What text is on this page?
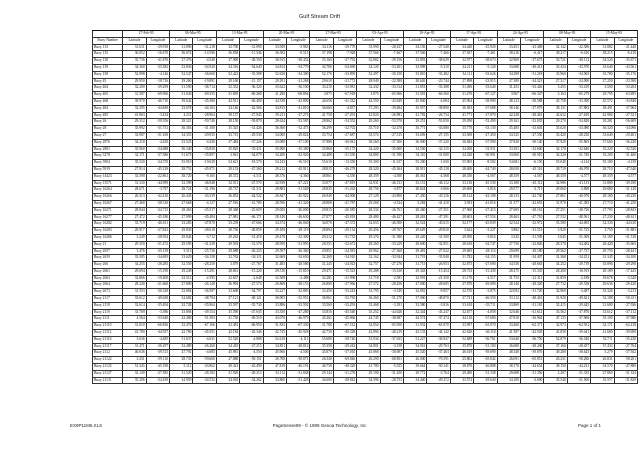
Gulf Stream Drift
	27-Feb-95		06-Mar-95		13-Mar-95		20-Mar-95		27-Mar-95		03-Apr-95		10-Apr-95		17-Apr-95		24-Apr-95		08-May-95		15-May-95	
Buoy Number	Latitude	Longitude	Latitude	Longitude	Latitude	Longitude	Latitude	Longitude	Latitude	Longitude	Latitude	Longitude	Latitude	Longitude	Latitude	Longitude	Latitude	Longitude	Latitude	Longitude	Latitude	Longitude
Buoy 133	31.631	-29.918	31.890	-31.218	32.790	-31.890	33.949	-3.965	34.116	-29.770	33.990	-28.437	34.156	-27.540	34.440	-25.920	33.451	-23.468	32.142	-22.386	31.882	-21.440
Buoy 135	36.852	-16.670	36.674	-14.596	36.838	-11.546	36.582	-9.515	37.198	-7.928	37.566	-7.467	37.566	-7.466	37.567	-7.461	38.216	-6.417	38.217	-6.416	38.215	-6.410
Buoy 138	35.736	-41.870	37.376	-4.540	37.900	-38.350	36.915	-38.432	35.160	-37.792	32.882	-39.156	32.893	-38.629	32.977	-38.673	32.969	-37.673	33.721	-38.112	34.520	-35.671
Buoy 139	34.360	-35.582	33.836	-54.920	34.316	-54.640	34.814	-54.779	34.786	-54.690	34.120	-53.201	33.998	-5.310	34.211	-5.120	33.688	-49.413	33.434	-43.970	33.640	-43.561
Buoy 158	52.998	-4.146	52.547	-36.660	52.422	-35.588	52.620	-34.380	52.176	-33.895	52.497	-30.150	33.810	-33.482	34.111	-33.626	34.299	-31.218	33.960	-34.965	33.780	-35.176
Buoy 45	29.950	-18.716	29.260	-19.891	29.160	-21.157	29.291	-21.268	29.610	-21.772	28.949	-22.580	28.626	-23.744	27.898	-23.915	27.389	-24.321	27.317	-24.090	27.250	-23.590
Buoy 464	32.200	-39.299	31.590	-36.714	32.352	-36.320	33.622	-36.100	33.210	-33.981	32.432	-33.514	31.853	-33.388	31.496	-33.640	31.453	-33.426	3.455	-33.419	3.500	-33.204
Buoy 465	31.587	-69.960	31.040	-69.355	31.695	-69.280	31.280	-68.894	3.875	-67.918	3.875	-65.966	31.581	-66.560	31.470	-67.127	3.967	-66.347	3.163	-65.279	29.795	-63.895
Buoy 468	39.970	-46.710	39.642	-45.386	42.911	-46.400	44.538	-43.890	44.656	-41.342	44.350	-43.849	45.840	-4.684	45.964	-38.990	48.123	-38.588	45.758	-33.390	45.572	-33.840
Buoy 484	32.395	-44.849	33.678	-44.163	34.146	-42.566	34.815	-41.810	36.660	-4.857	37.293	-39.484	35.957	-38.890	36.583	-37.688	38.146	-37.979	38.131	-37.883	38.491	-37.964
Buoy 485	41.863	-3.434	4.211	-28.964	39.157	-27.945	39.211	-27.274	41.750	-27.291	41.824	-26.981	41.782	-26.734	41.771	-27.870	42.228	-28.461	42.632	-27.629	42.984	-27.521
Buoy 26	29.312	-59.356	28.321	-59.740	28.150	-59.870	28.624	-53.585	28.862	-54.552	29.260	-53.570	29.251	-53.050	29.050	-52.490	29.161	-52.035	29.270	-54.820	29.281	-56.609
Buoy 28	35.992	-31.731	36.363	-31.100	35.325	-31.426	36.560	-32.475	36.299	-32.702	35.710	-32.478	35.771	-33.080	35.770	-33.130	35.485	-33.603	35.620	-33.080	36.320	-34.096
Buoy 27	33.987	-31.169	34.353	-29.935	33.715	-29.530	34.000	-29.824	33.754	-27.687	33.574	-27.315	33.659	-27.155	33.569	-27.450	34.125	-27.550	33.420	-28.230	33.640	-29.401
Buoy 2876	34.218	-4.430	33.525	-4.436	37.484	-37.226	33.080	-37.100	37.888	-36.941	38.260	-37.300	36.900	-37.220	36.843	-37.990	37.820	-38.140	37.920	-35.865	37.600	-36.220
Buoy 2881	35.960	-34.688	36.340	-35.850	35.825	-35.411	35.900	-35.380	35.860	-35.175	34.420	-35.000	34.550	-32.115	34.200	-31.911	33.811	-32.600	34.170	-32.640	35.220	-32.520
Buoy 3278	32.171	-37.586	51.675	-35.897	3.961	-34.079	34.200	-32.920	34.488	-31.550	34.800	-31.590	34.110	-31.000	34.320	-30.991	33.060	-30.910	34.320	-31.740	35.200	-31.460
Buoy 5904	35.520	-24.570	35.910	-19.630	54.621	-18.570	54.143	-16.510	55.610	-13.350	55.300	-11.017	55.200	-1.650	55.905	-8.502	54.681	-6.150	55.040	-4.144	55.180	-4.150
Buoy 5919	27.914	-45.129	28.751	-45.971	29.153	-47.360	29.212	-45.911	28.815	-46.279	28.320	-45.364	28.915	-45.118	28.400	-44.740	28.650	-45.116	28.719	-46.970	28.710	-47.340
Buoy 14423	33.590	-22.861	38.720	-9.165	48.372	-4.511	48.376	-4.360	48.861	-4.550	48.359	-4.500	48.361	-4.568	48.350	-4.567	48.359	-4.567	48.359	-4.577	48.359	-4.577
Buoy 15571	31.330	-44.999	32.399	-46.948	32.911	-47.570	32.939	-47.221	33.077	-47.819	32.931	-46.131	33.151	-46.112	33.130	-45.530	33.180	-45.112	32.986	-41.113	31.880	-39.180
Buoy 16264	28.671	-3.797	28.724	-31.196	28.737	-31.511	29.883	-31.549	28.835	-31.263	28.756	-3.877	28.824	-3.066	29.600	-3.816	29.577	-3.711	29.060	-3.898	29.880	-31.120
Buoy 16266	26.313	-42.410	26.445	-43.339	26.852	-44.522	26.847	-45.922	26.940	-44.900	27.129	-43.800	27.450	-43.116	28.124	-43.108	28.133	-42.740	27.861	-40.070	28.180	-40.230
Buoy 16267	27.460	-38.310	27.668	-4.127	27.916	-41.780	28.596	-41.320	28.868	-41.787	29.268	-4.524	3.284	-41.410	3.933	-41.816	31.377	-42.655	31.970	-41.385	27.710	-41.250
Buoy 16271	28.844	-24.715	28.463	-25.517	28.368	-25.659	29.050	-26.000	29.815	-26.585	28.334	-26.761	28.260	-27.351	27.960	-27.413	27.695	-28.161	27.251	-28.726	27.793	-28.843
Buoy 16277	27.472	-45.180	27.999	-45.484	27.981	-46.171	28.140	-46.630	27.077	-45.819	28.480	-46.427	28.263	-47.391	28.603	-47.554	28.463	-47.710	27.532	-48.561	27.230	-48.611
Buoy 16282	33.719	-46.611	33.283	-47.870	33.259	-47.666	34.374	-46.040	34.070	-47.372	32.653	-46.500	32.524	-45.615	32.177	-45.839	32.544	-32.972	33.580	-44.695	32.330	-44.610
Buoy 16283	28.917	-27.823	29.830	-28.610	28.756	-28.859	29.100	-29.119	28.894	-29.134	29.456	-29.767	29.629	-29.810	3.622	-3.227	3.882	-31.551	3.920	-31.725	3.750	-31.883
Buoy 16286	3.249	-28.934	29.844	-3.712	29.263	-31.419	29.478	-32.300	29.212	-31.735	29.370	-31.580	29.220	-31.500	29.950	-3.814	3.345	-31.599	3.645	-31.369	31.169	-31.518
Buoy 21	29.350	-31.472	29.595	-31.329	29.593	-31.570	28.950	-31.995	28.551	-32.672	28.260	-33.229	29.600	-32.951	28.610	-32.747	27.750	-32.826	28.370	-34.482	28.420	-35.665
Buoy 2657	3.476	-25.139	3.513	-25.726	29.688	-26.223	29.597	-26.360	29.851	-24.581	29.962	-27.360	29.481	-27.022	29.685	-28.114	29.699	-28.180	29.562	-27.737	29.755	-28.441
Buoy 2659	33.585	-34.695	33.629	-34.158	32.763	-34.111	32.669	-34.650	32.269	-34.910	32.162	-33.944	31.719	-33.940	31.782	-34.155	31.959	-34.497	31.568	-34.251	31.345	-34.100
Buoy 266	34.255	-28.285	32.550	-28.250	3.879	-27.767	31.483	-28.580	31.245	-24.923	32.757	-27.276	31.715	-26.953	32.875	-27.690	34.530	-28.663	34.252	-29.739	35.896	-29.290
Buoy 2661	29.694	-15.190	29.249	-15.291	28.861	-15.220	29.510	-15.810	29.471	-15.523	29.288	-15.610	29.343	-15.454	28.733	-15.430	28.275	-15.335	28.200	-16.915	28.189	-17.443
Buoy 2663	32.866	-19.400	32.512	-2.595	32.657	-2.648	32.508	-2.488	32.281	-21.990	31.718	-2.581	32.591	-21.350	31.170	-2.517	31.753	-21.311	31.859	-2.188	18.678	-3.340
Buoy 2664	28.240	-21.660	27.800	-26.140	26.994	-27.574	26.868	-28.153	26.800	-27.966	27.372	-28.456	27.000	-28.605	27.870	-29.080	28.140	-29.320	27.732	-29.538	29.636	-29.420
Buoy 2673	31.553	-36.328	32.894	-36.587	33.668	-34.797	33.227	-32.883	33.450	-33.243	33.795	-3.339	32.081	-9.857	32.570	-3.875	32.092	-31.720	32.960	-3.487	33.326	-3.213
Buoy 2117	33.612	-49.638	34.682	-48.794	37.121	-48.121	36.905	-52.951	36.961	-52.765	36.260	-51.270	37.060	-48.870	37.721	-46.550	33.112	-48.461	31.920	-49.621	32.188	-50.411
Buoy 2118	32.614	-35.494	32.728	-35.964	33.597	-35.730	33.886	-33.592	33.560	-33.293	33.468	-3.181	33.580	-3.816	33.610	-33.711	33.869	-31.165	32.415	-29.445	31.680	-27.936
Buoy 2119	33.769	-3.586	33.894	-49.154	35.590	-47.635	33.350	-47.280	33.816	-45.540	33.252	-44.626	32.344	-43.247	32.677	-4.858	32.646	-41.612	33.562	-37.876	33.612	-37.112
Buoy 2111	4.564	-53.640	42.480	-51.583	41.730	-49.510	43.070	-46.979	45.261	-45.866	44.745	-38.697	44.574	-37.474	44.110	-37.680	47.810	-36.964	47.135	-37.960	55.100	-37.986
Buoy 21110	31.610	-66.836	32.476	-67.166	32.481	-66.950	31.833	-67.330	31.788	-67.312	32.054	-65.950	31.932	-63.970	33.997	-63.970	33.460	-62.371	32.973	-62.931	32.171	-62.418
Buoy 21112	41.780	-44.937	42.780	-45.551	42.184	-43.346	42.745	-45.928	42.730	-40.328	42.894	-40.219	43.133	-44.142	42.620	-46.110	41.587	-42.503	41.830	-39.441	41.680	-39.690
Buoy 21116	3.636	-4.485	51.637	-4.631	52.520	-4.888	52.610	-4.111	55.680	-38.740	51.934	-37.633	51.227	-36.947	52.689	-36.761	53.640	-36.750	52.879	-36.340	52.711	-35.430
Buoy 21117	31.471	-26.297	32.489	-26.260	34.410	-27.215	34.851	-28.812	35.358	-29.443	34.801	-3.158	34.941	-29.763	35.870	-31.100	36.680	-28.430	37.160	-28.457	37.433	-27.764
Buoy 2112	46.636	-39.513	47.792	-4.685	45.981	-4.550	45.960	-4.500	45.879	-37.010	45.868	-38.697	45.520	-37.463	46.619	-39.690	48.340	-39.876	49.280	-38.625	5.279	-37.942
Buoy 21122	3.251	-59.110	28.735	-59.660	27.880	-59.151	26.788	-58.871	26.540	-69.846	26.290	-68.851	26.000	-70.591	25.802	-65.842	26.091	-65.851	26.231	-58.286	26.831	-58.201
Buoy 21125	51.345	-45.190	5.112	-43.862	49.423	-43.490	47.818	-46.191	46.758	-48.320	41.780	-5.555	39.664	-50.141	38.870	-46.888	38.170	-44.654	38.150	-44.231	34.570	-47.880
Buoy 21127	32.149	-27.585	31.520	-28.182	31.920	-28.213	33.112	-31.848	29.144	-31.276	29.190	-31.450	29.772	-3.764	29.480	-31.338	29.688	-31.356	2.207	-31.335	27.860	-31.334
Buoy 21131	35.206	-34.439	34.959	-34.532	34.565	-34.262	34.860	-31.428	34.600	-28.842	34.596	-28.753	34.440	-29.272	33.574	-29.640	34.100	-3.690	35.540	-31.500	35.557	-31.820
EX9P11M5.XLS	PageSense99 - © 1999 Genoa Technology, Inc	Page 1 of 1
